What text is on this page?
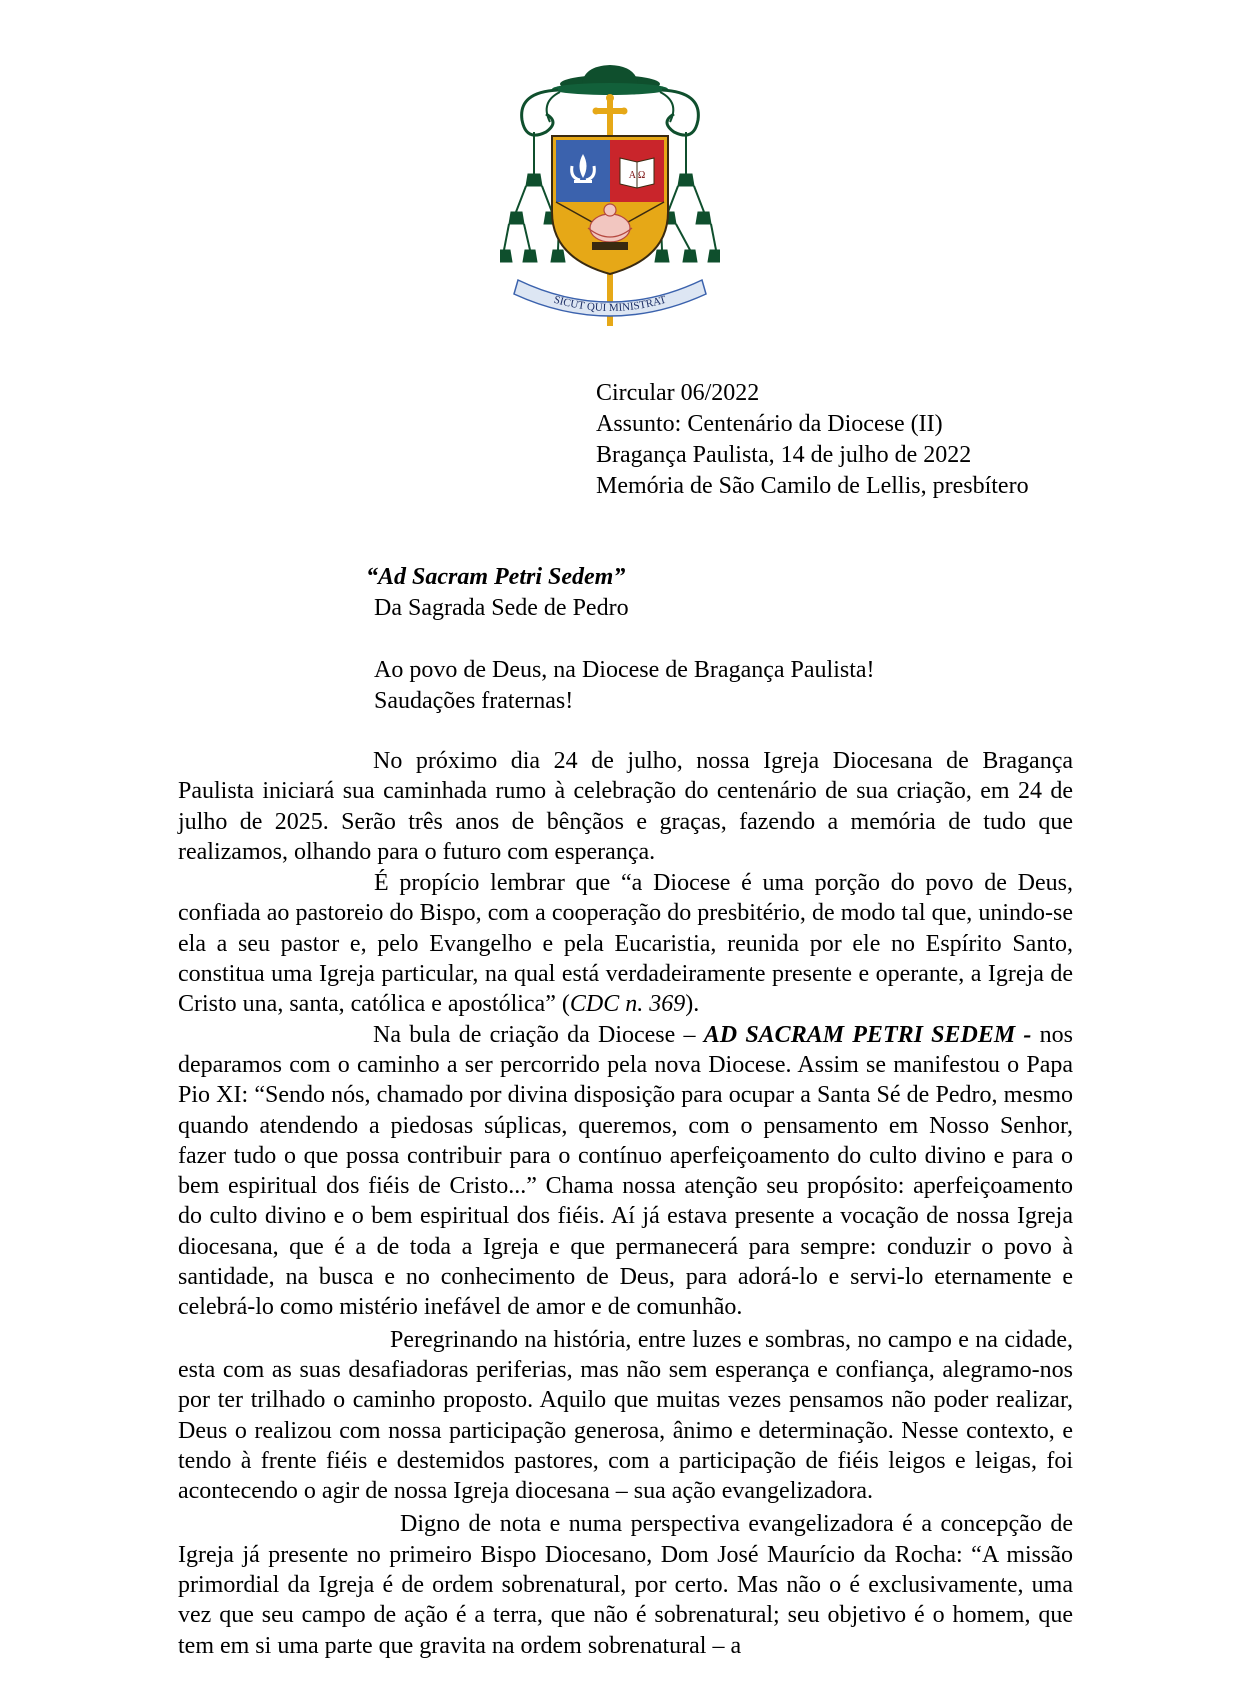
A Ω
SICUT QUI MINISTRAT
Circular 06/2022
Assunto: Centenário da Diocese (II)
Bragança Paulista, 14 de julho de 2022
Memória de São Camilo de Lellis, presbítero
“Ad Sacram Petri Sedem”
Da Sagrada Sede de Pedro
Ao povo de Deus, na Diocese de Bragança Paulista!
Saudações fraternas!

No próximo dia 24 de julho, nossa Igreja Diocesana de Bragança Paulista iniciará sua caminhada rumo à celebração do centenário de sua criação, em 24 de julho de 2025. Serão três anos de bênçãos e graças, fazendo a memória de tudo que realizamos, olhando para o futuro com esperança.

É propício lembrar que “a Diocese é uma porção do povo de Deus, confiada ao pastoreio do Bispo, com a cooperação do presbitério, de modo tal que, unindo-se ela a seu pastor e, pelo Evangelho e pela Eucaristia, reunida por ele no Espírito Santo, constitua uma Igreja particular, na qual está verdadeiramente presente e operante, a Igreja de Cristo una, santa, católica e apostólica” (CDC n. 369).

Na bula de criação da Diocese – AD SACRAM PETRI SEDEM - nos deparamos com o caminho a ser percorrido pela nova Diocese. Assim se manifestou o Papa Pio XI: “Sendo nós, chamado por divina disposição para ocupar a Santa Sé de Pedro, mesmo quando atendendo a piedosas súplicas, queremos, com o pensamento em Nosso Senhor, fazer tudo o que possa contribuir para o contínuo aperfeiçoamento do culto divino e para o bem espiritual dos fiéis de Cristo...” Chama nossa atenção seu propósito: aperfeiçoamento do culto divino e o bem espiritual dos fiéis. Aí já estava presente a vocação de nossa Igreja diocesana, que é a de toda a Igreja e que permanecerá para sempre: conduzir o povo à santidade, na busca e no conhecimento de Deus, para adorá-lo e servi-lo eternamente e celebrá-lo como mistério inefável de amor e de comunhão.

Peregrinando na história, entre luzes e sombras, no campo e na cidade, esta com as suas desafiadoras periferias, mas não sem esperança e confiança, alegramo-nos por ter trilhado o caminho proposto. Aquilo que muitas vezes pensamos não poder realizar, Deus o realizou com nossa participação generosa, ânimo e determinação. Nesse contexto, e tendo à frente fiéis e destemidos pastores, com a participação de fiéis leigos e leigas, foi acontecendo o agir de nossa Igreja diocesana – sua ação evangelizadora.

Digno de nota e numa perspectiva evangelizadora é a concepção de Igreja já presente no primeiro Bispo Diocesano, Dom José Maurício da Rocha: “A missão primordial da Igreja é de ordem sobrenatural, por certo. Mas não o é exclusivamente, uma vez que seu campo de ação é a terra, que não é sobrenatural; seu objetivo é o homem, que tem em si uma parte que gravita na ordem sobrenatural – a
